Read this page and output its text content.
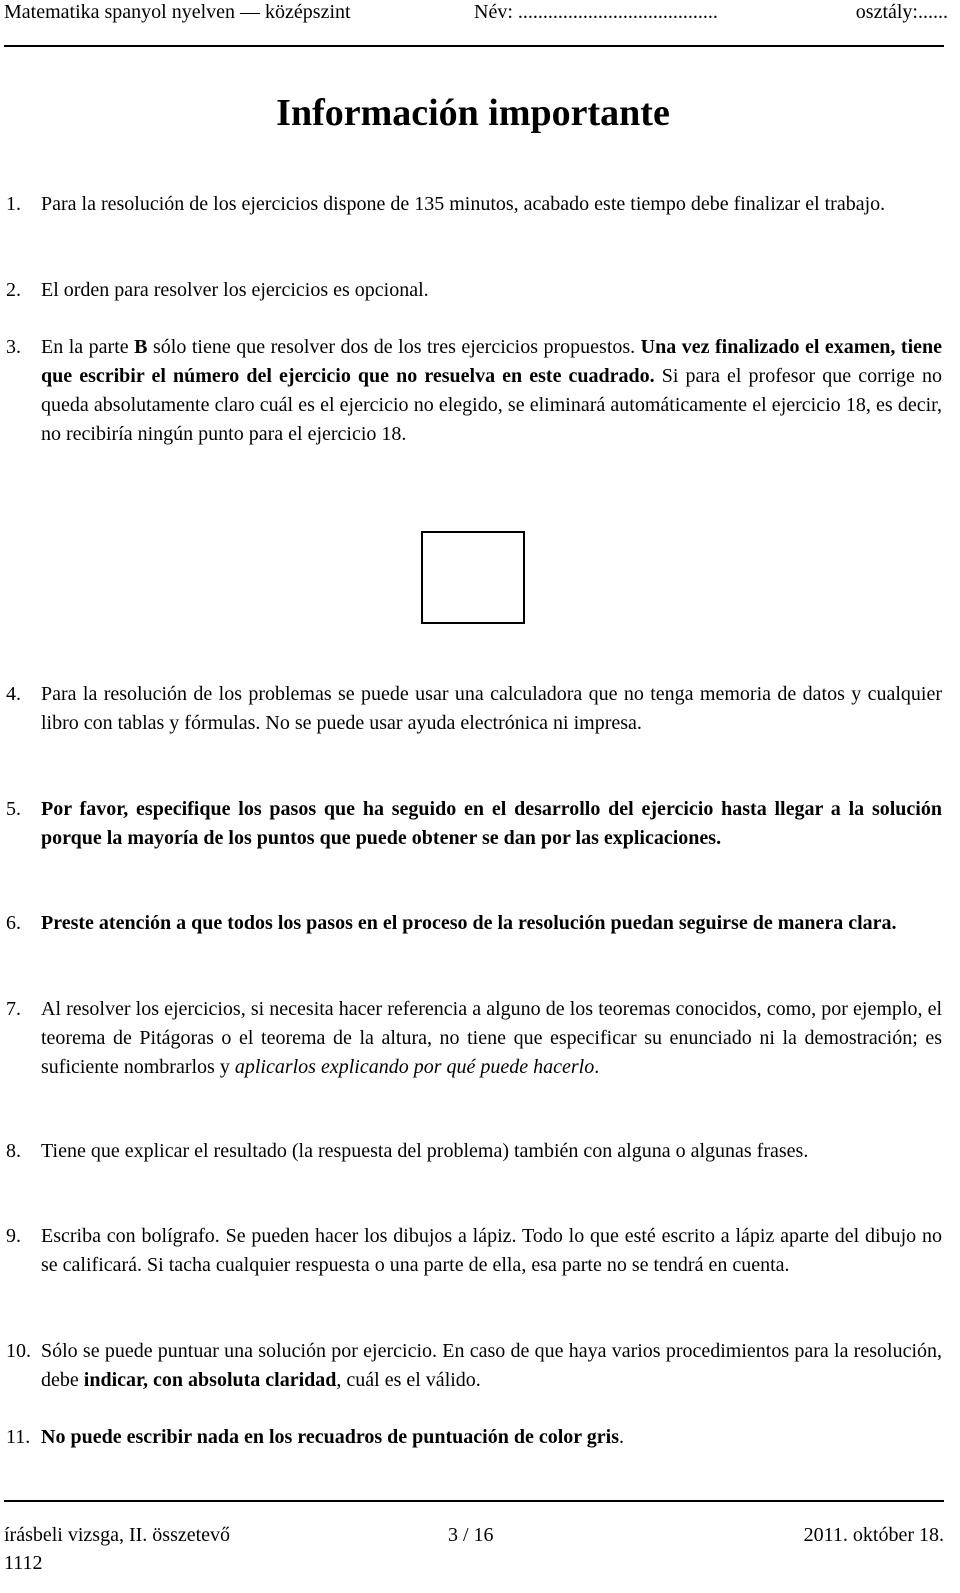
Matematika spanyol nyelven — középszint	Név: ........................................	osztály:......
Información importante
1. Para la resolución de los ejercicios dispone de 135 minutos, acabado este tiempo debe finalizar el trabajo.
2. El orden para resolver los ejercicios es opcional.
3. En la parte B sólo tiene que resolver dos de los tres ejercicios propuestos. Una vez finalizado el examen, tiene que escribir el número del ejercicio que no resuelva en este cuadrado. Si para el profesor que corrige no queda absolutamente claro cuál es el ejercicio no elegido, se eliminará automáticamente el ejercicio 18, es decir, no recibiría ningún punto para el ejercicio 18.
4. Para la resolución de los problemas se puede usar una calculadora que no tenga memoria de datos y cualquier libro con tablas y fórmulas. No se puede usar ayuda electrónica ni impresa.
5. Por favor, especifique los pasos que ha seguido en el desarrollo del ejercicio hasta llegar a la solución porque la mayoría de los puntos que puede obtener se dan por las explicaciones.
6. Preste atención a que todos los pasos en el proceso de la resolución puedan seguirse de manera clara.
7. Al resolver los ejercicios, si necesita hacer referencia a alguno de los teoremas conocidos, como, por ejemplo, el teorema de Pitágoras o el teorema de la altura, no tiene que especificar su enunciado ni la demostración; es suficiente nombrarlos y aplicarlos explicando por qué puede hacerlo.
8. Tiene que explicar el resultado (la respuesta del problema) también con alguna o algunas frases.
9. Escriba con bolígrafo. Se pueden hacer los dibujos a lápiz. Todo lo que esté escrito a lápiz aparte del dibujo no se calificará. Si tacha cualquier respuesta o una parte de ella, esa parte no se tendrá en cuenta.
10. Sólo se puede puntuar una solución por ejercicio. En caso de que haya varios procedimientos para la resolución, debe indicar, con absoluta claridad, cuál es el válido.
11. No puede escribir nada en los recuadros de puntuación de color gris.
írásbeli vizsga, II. összetevő	3 / 16	2011. október 18.
1112
